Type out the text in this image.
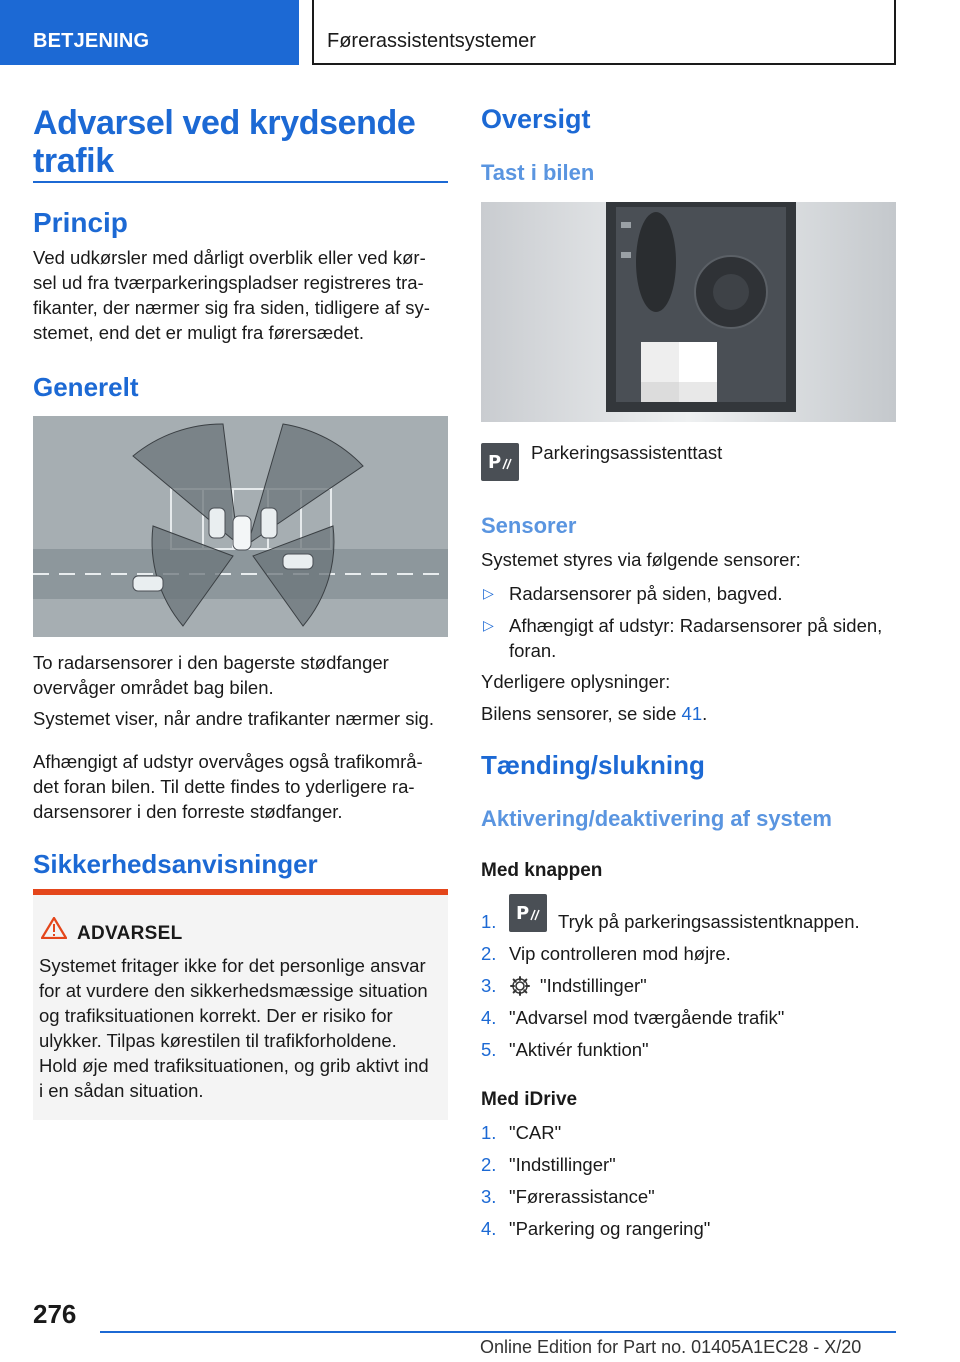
BETJENING	Førerassistentsystemer
Advarsel ved krydsende
trafik
Princip
Ved udkørsler med dårligt overblik eller ved kør-
sel ud fra tværparkeringspladser registreres tra-
fikanter, der nærmer sig fra siden, tidligere af sy-
stemet, end det er muligt fra førersædet.
Generelt
To radarsensorer i den bagerste stødfanger
overvåger området bag bilen.
Systemet viser, når andre trafikanter nærmer sig.
Afhængigt af udstyr overvåges også trafikområ-
det foran bilen. Til dette findes to yderligere ra-
darsensorer i den forreste stødfanger.
Sikkerhedsanvisninger
ADVARSEL
Systemet fritager ikke for det personlige ansvar
for at vurdere den sikkerhedsmæssige situation
og trafiksituationen korrekt. Der er risiko for
ulykker. Tilpas kørestilen til trafikforholdene.
Hold øje med trafiksituationen, og grib aktivt ind
i en sådan situation.
Oversigt
Tast i bilen
P Parkeringsassistenttast
Sensorer
Systemet styres via følgende sensorer:
▷ Radarsensorer på siden, bagved.
▷ Afhængigt af udstyr: Radarsensorer på siden,
foran.
Yderligere oplysninger:
Bilens sensorer, se side 41.
Tænding/slukning
Aktivering/deaktivering af system
Med knappen
1. P Tryk på parkeringsassistentknappen.
2. Vip controlleren mod højre.
3. "Indstillinger"
4. "Advarsel mod tværgående trafik"
5. "Aktivér funktion"
Med iDrive
1. "CAR"
2. "Indstillinger"
3. "Førerassistance"
4. "Parkering og rangering"
276
Online Edition for Part no. 01405A1EC28 - X/20
